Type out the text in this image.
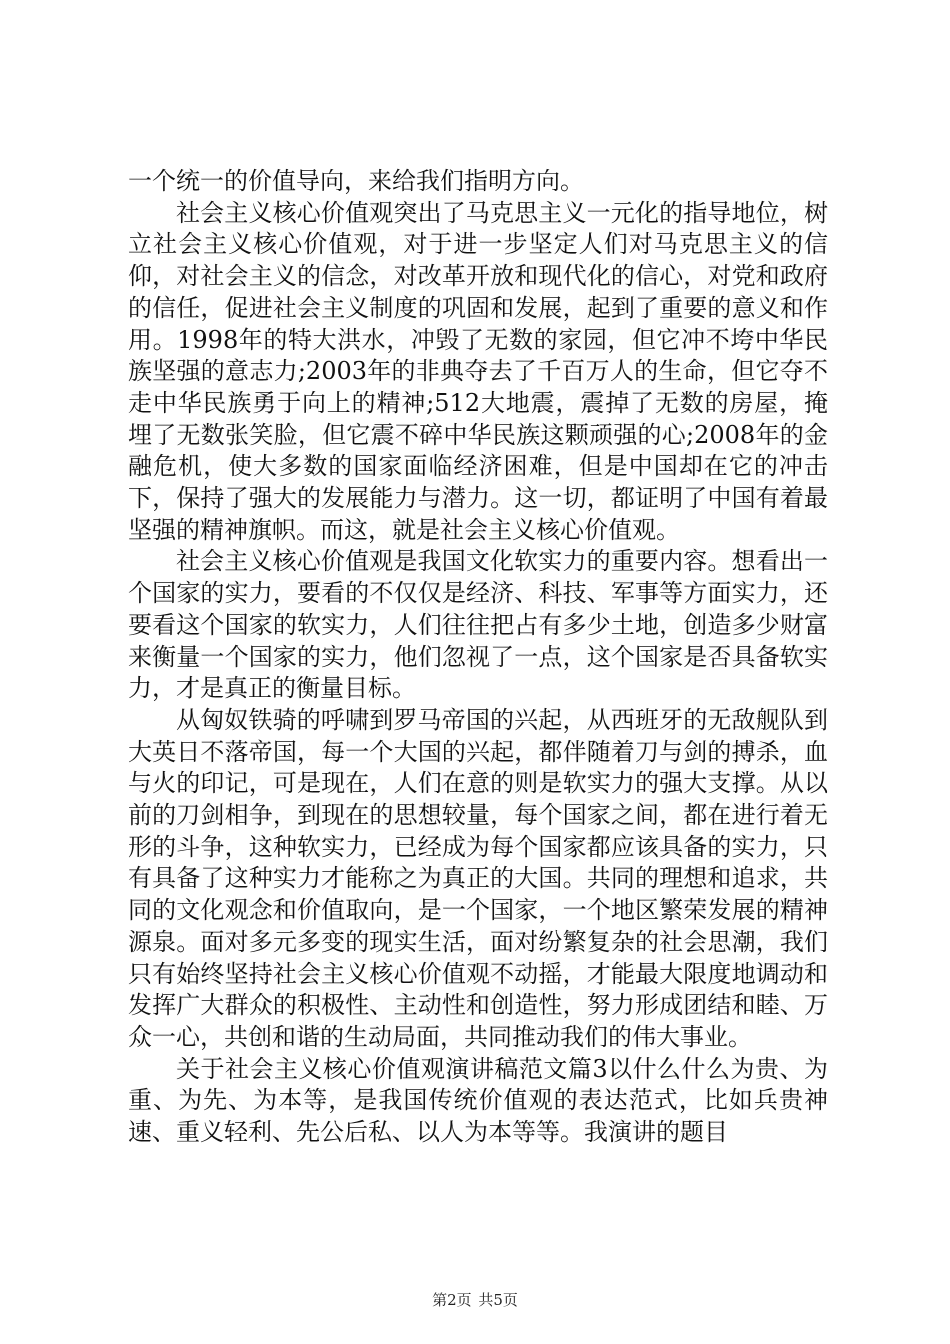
一个统一的价值导向，来给我们指明方向。

社会主义核心价值观突出了马克思主义一元化的指导地位，树立社会主义核心价值观，对于进一步坚定人们对马克思主义的信仰，对社会主义的信念，对改革开放和现代化的信心，对党和政府的信任，促进社会主义制度的巩固和发展，起到了重要的意义和作用。1998年的特大洪水，冲毁了无数的家园，但它冲不垮中华民族坚强的意志力;2003年的非典夺去了千百万人的生命，但它夺不走中华民族勇于向上的精神;512大地震，震掉了无数的房屋，掩埋了无数张笑脸，但它震不碎中华民族这颗顽强的心;2008年的金融危机，使大多数的国家面临经济困难，但是中国却在它的冲击下，保持了强大的发展能力与潜力。这一切，都证明了中国有着最坚强的精神旗帜。而这，就是社会主义核心价值观。

社会主义核心价值观是我国文化软实力的重要内容。想看出一个国家的实力，要看的不仅仅是经济、科技、军事等方面实力，还要看这个国家的软实力，人们往往把占有多少土地，创造多少财富来衡量一个国家的实力，他们忽视了一点，这个国家是否具备软实力，才是真正的衡量目标。

从匈奴铁骑的呼啸到罗马帝国的兴起，从西班牙的无敌舰队到大英日不落帝国，每一个大国的兴起，都伴随着刀与剑的搏杀，血与火的印记，可是现在，人们在意的则是软实力的强大支撑。从以前的刀剑相争，到现在的思想较量，每个国家之间，都在进行着无形的斗争，这种软实力，已经成为每个国家都应该具备的实力，只有具备了这种实力才能称之为真正的大国。共同的理想和追求，共同的文化观念和价值取向，是一个国家，一个地区繁荣发展的精神源泉。面对多元多变的现实生活，面对纷繁复杂的社会思潮，我们只有始终坚持社会主义核心价值观不动摇，才能最大限度地调动和发挥广大群众的积极性、主动性和创造性，努力形成团结和睦、万众一心，共创和谐的生动局面，共同推动我们的伟大事业。

关于社会主义核心价值观演讲稿范文篇3以什么什么为贵、为重、为先、为本等，是我国传统价值观的表达范式，比如兵贵神速、重义轻利、先公后私、以人为本等等。我演讲的题目

第2页 共5页
